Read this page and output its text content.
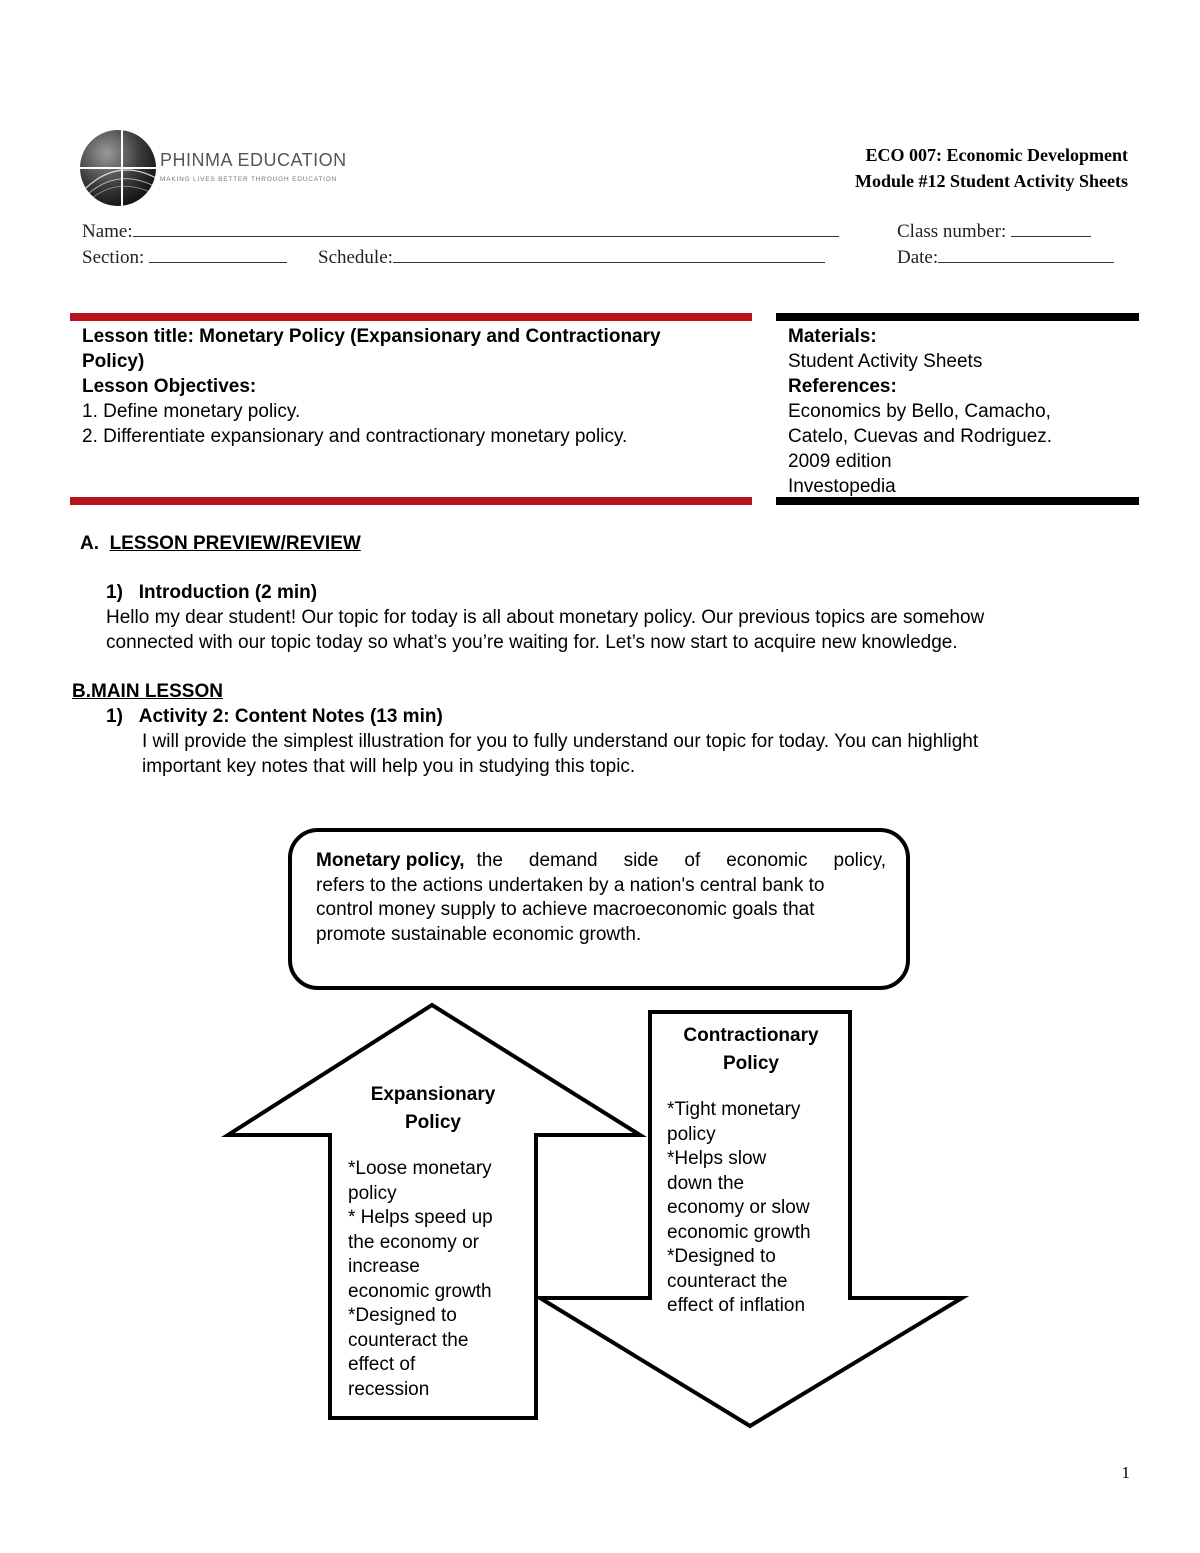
PHINMA EDUCATION
MAKING LIVES BETTER THROUGH EDUCATION
ECO 007: Economic Development
Module #12 Student Activity Sheets
Name:	Class number:
Section:	Schedule:	Date:
Lesson title: Monetary Policy (Expansionary and Contractionary
Policy)
Lesson Objectives:
1. Define monetary policy.
2. Differentiate expansionary and contractionary monetary policy.
Materials:
Student Activity Sheets
References:
Economics by Bello, Camacho,
Catelo, Cuevas and Rodriguez.
2009 edition
Investopedia
A. LESSON PREVIEW/REVIEW
1) Introduction (2 min)
Hello my dear student! Our topic for today is all about monetary policy. Our previous topics are somehow
connected with our topic today so what’s you’re waiting for. Let’s now start to acquire new knowledge.
B.MAIN LESSON
1) Activity 2: Content Notes (13 min)
I will provide the simplest illustration for you to fully understand our topic for today. You can highlight
important key notes that will help you in studying this topic.
Monetary policy, the demand side of economic policy,
refers to the actions undertaken by a nation's central bank to
control money supply to achieve macroeconomic goals that
promote sustainable economic growth.
Expansionary
Policy
*Loose monetary
policy
* Helps speed up
the economy or
increase
economic growth
*Designed to
counteract the
effect of
recession
Contractionary
Policy
*Tight monetary
policy
*Helps slow
down the
economy or slow
economic growth
*Designed to
counteract the
effect of inflation
1
